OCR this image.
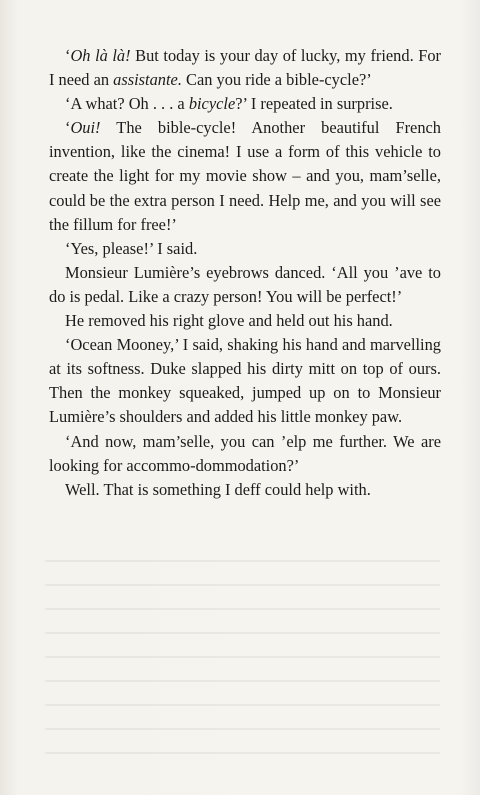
‘Oh là là! But today is your day of lucky, my friend. For I need an assistante. Can you ride a bible-cycle?’

‘A what? Oh . . . a bicycle?’ I repeated in surprise.

‘Oui! The bible-cycle! Another beautiful French invention, like the cinema! I use a form of this vehicle to create the light for my movie show – and you, mam’selle, could be the extra person I need. Help me, and you will see the fillum for free!’

‘Yes, please!’ I said.

Monsieur Lumière’s eyebrows danced. ‘All you ’ave to do is pedal. Like a crazy person! You will be perfect!’

He removed his right glove and held out his hand.

‘Ocean Mooney,’ I said, shaking his hand and marvelling at its softness. Duke slapped his dirty mitt on top of ours. Then the monkey squeaked, jumped up on to Monsieur Lumière’s shoulders and added his little monkey paw.

‘And now, mam’selle, you can ’elp me further. We are looking for accommo-dommodation?’

Well. That is something I deff could help with.
